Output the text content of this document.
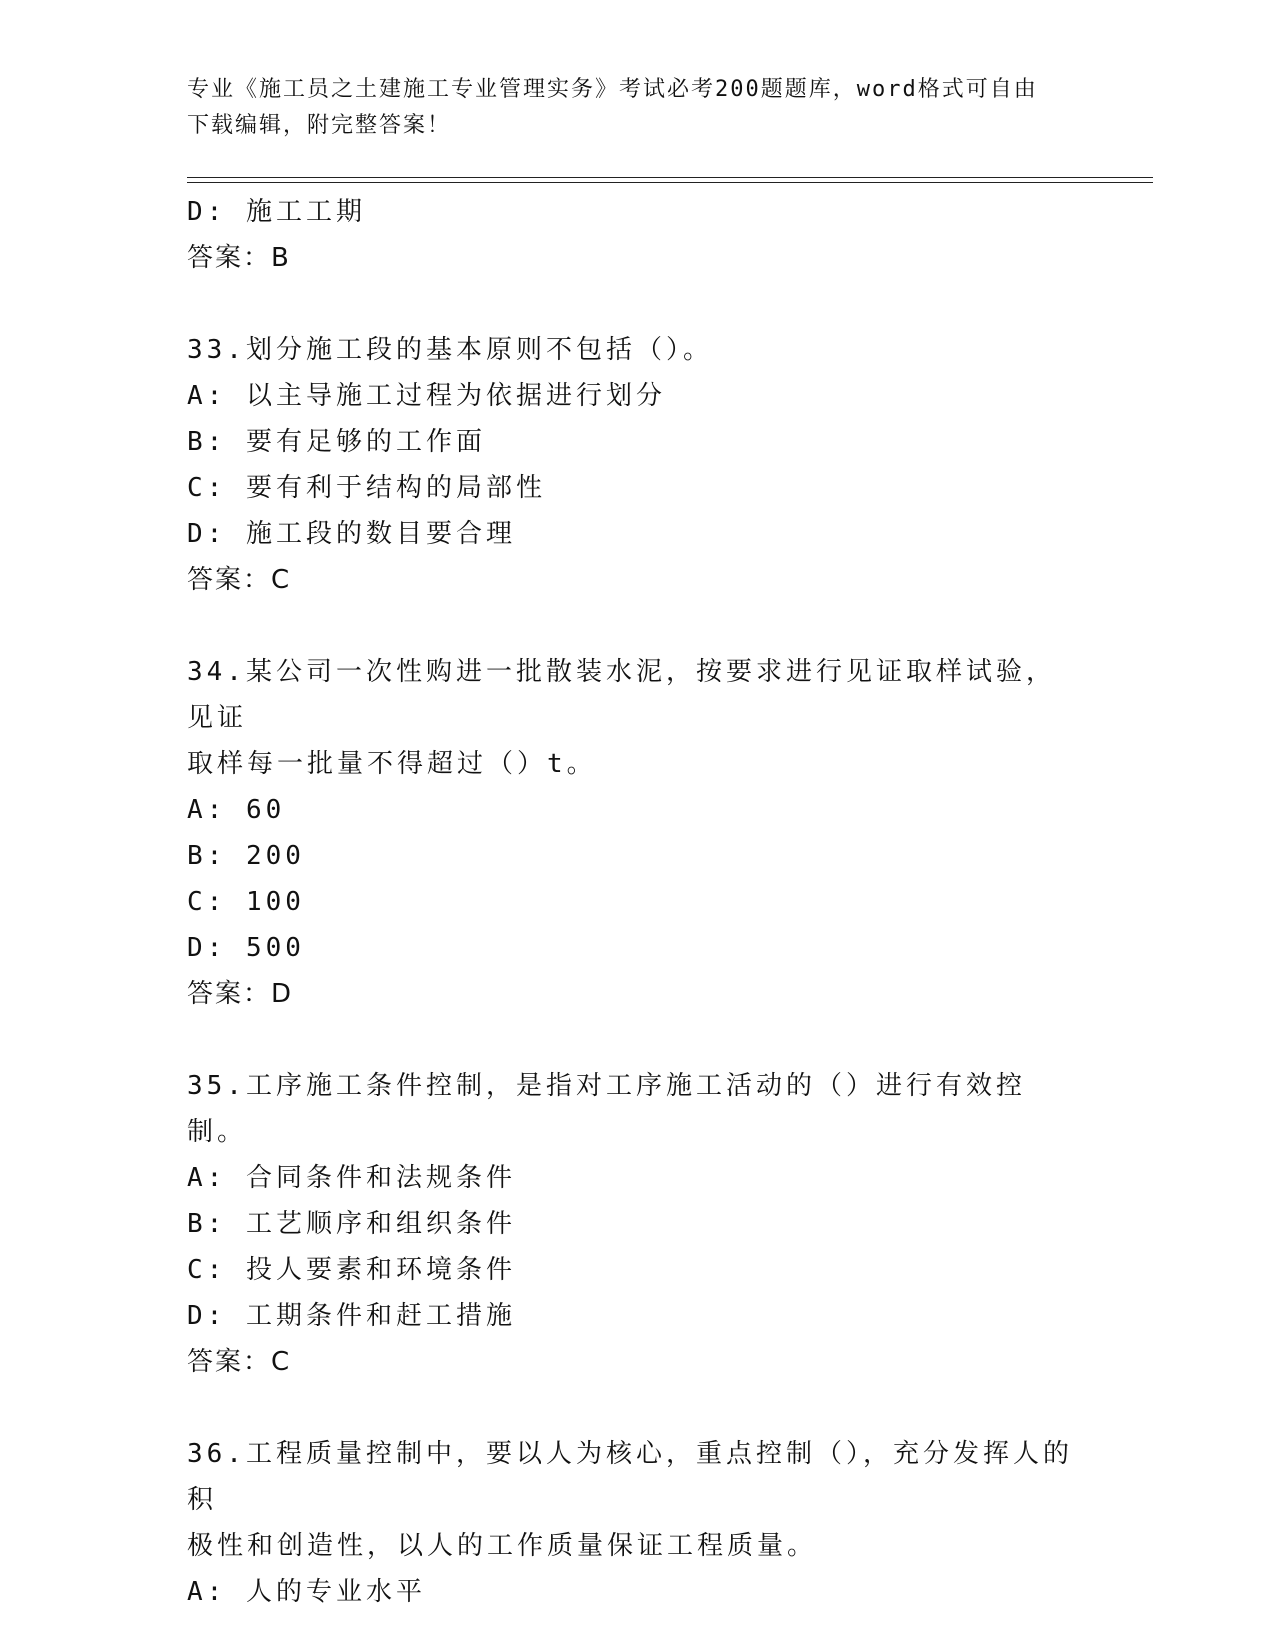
专业《施工员之土建施工专业管理实务》考试必考200题题库，word格式可自由
下载编辑，附完整答案！
D: 施工工期
答案：B
33.划分施工段的基本原则不包括（）。
A: 以主导施工过程为依据进行划分
B: 要有足够的工作面
C: 要有利于结构的局部性
D: 施工段的数目要合理
答案：C
34.某公司一次性购进一批散装水泥，按要求进行见证取样试验，见证
取样每一批量不得超过（）t。
A: 60
B: 200
C: 100
D: 500
答案：D
35.工序施工条件控制，是指对工序施工活动的（）进行有效控制。
A: 合同条件和法规条件
B: 工艺顺序和组织条件
C: 投人要素和环境条件
D: 工期条件和赶工措施
答案：C
36.工程质量控制中，要以人为核心，重点控制（），充分发挥人的积
极性和创造性，以人的工作质量保证工程质量。
A: 人的专业水平
